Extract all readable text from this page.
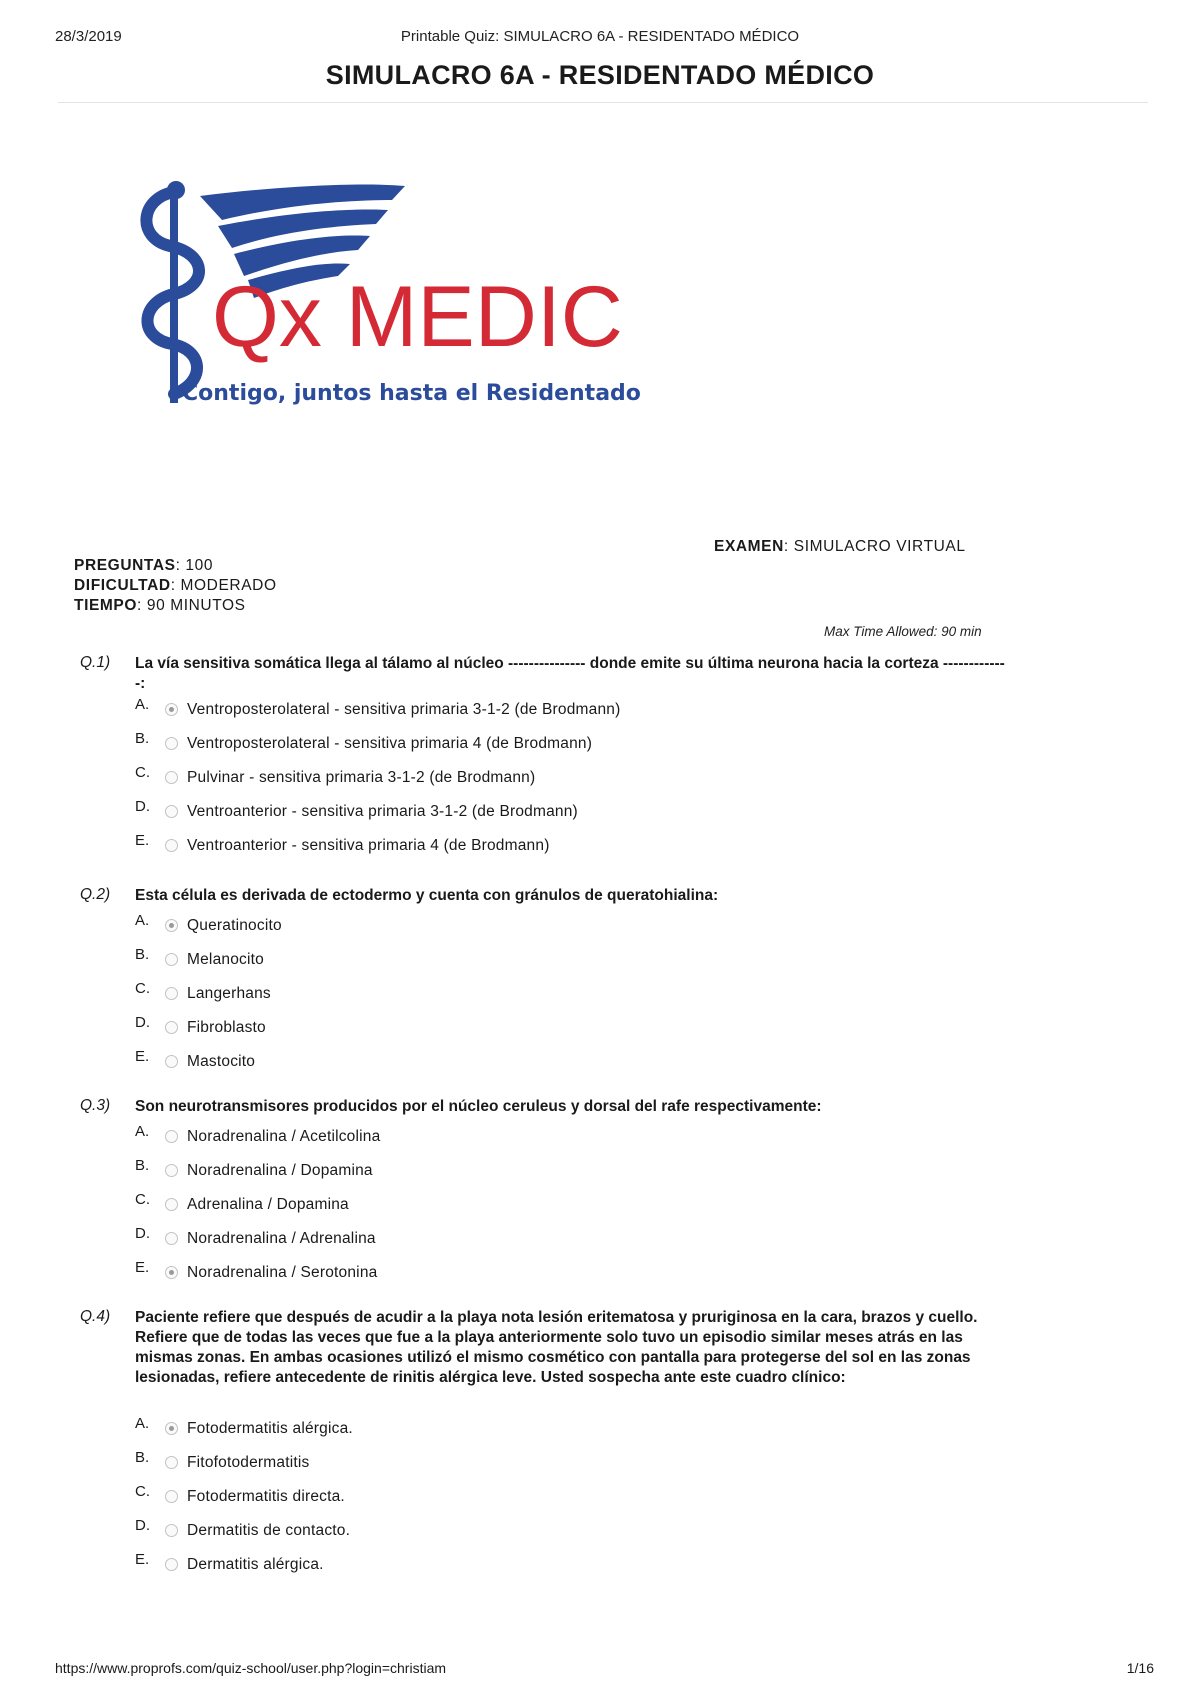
28/3/2019	Printable Quiz: SIMULACRO 6A - RESIDENTADO MÉDICO
SIMULACRO 6A - RESIDENTADO MÉDICO
Qx MEDIC
Contigo, juntos hasta el Residentado
EXAMEN: SIMULACRO VIRTUAL
PREGUNTAS: 100
DIFICULTAD: MODERADO
TIEMPO: 90 MINUTOS
Max Time Allowed: 90 min
Q.1) La vía sensitiva somática llega al tálamo al núcleo --------------- donde emite su última neurona hacia la corteza -------------:
A. Ventroposterolateral - sensitiva primaria 3-1-2 (de Brodmann)
B. Ventroposterolateral - sensitiva primaria 4 (de Brodmann)
C. Pulvinar - sensitiva primaria 3-1-2 (de Brodmann)
D. Ventroanterior - sensitiva primaria 3-1-2 (de Brodmann)
E. Ventroanterior - sensitiva primaria 4 (de Brodmann)
Q.2) Esta célula es derivada de ectodermo y cuenta con gránulos de queratohialina:
A. Queratinocito
B. Melanocito
C. Langerhans
D. Fibroblasto
E. Mastocito
Q.3) Son neurotransmisores producidos por el núcleo ceruleus y dorsal del rafe respectivamente:
A. Noradrenalina / Acetilcolina
B. Noradrenalina / Dopamina
C. Adrenalina / Dopamina
D. Noradrenalina / Adrenalina
E. Noradrenalina / Serotonina
Q.4) Paciente refiere que después de acudir a la playa nota lesión eritematosa y pruriginosa en la cara, brazos y cuello. Refiere que de todas las veces que fue a la playa anteriormente solo tuvo un episodio similar meses atrás en las mismas zonas. En ambas ocasiones utilizó el mismo cosmético con pantalla para protegerse del sol en las zonas lesionadas, refiere antecedente de rinitis alérgica leve. Usted sospecha ante este cuadro clínico:
A. Fotodermatitis alérgica.
B. Fitofotodermatitis
C. Fotodermatitis directa.
D. Dermatitis de contacto.
E. Dermatitis alérgica.
https://www.proprofs.com/quiz-school/user.php?login=christiam	1/16
